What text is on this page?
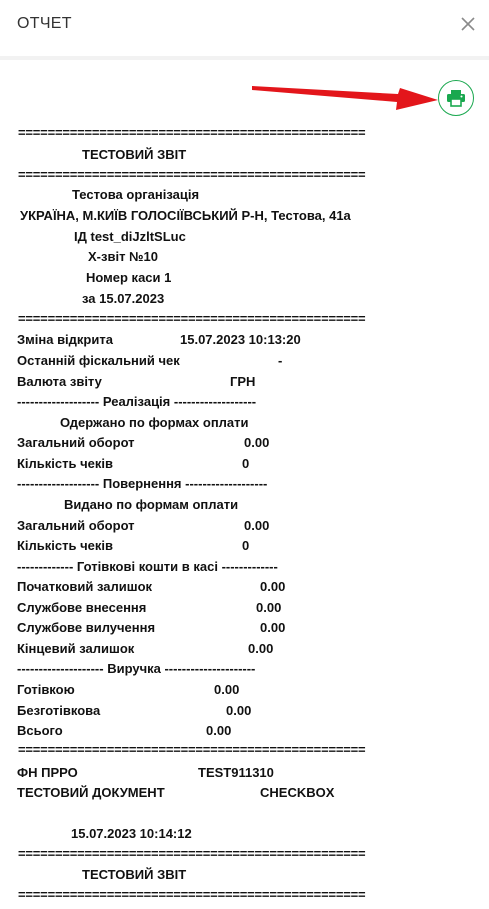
ОТЧЕТ
===============================================
ТЕСТОВИЙ ЗВІТ
===============================================
Тестова організація
УКРАЇНА, М.КИЇВ ГОЛОСІЇВСЬКИЙ Р-Н, Тестова, 41а
ІД test_diJzltSLuc
Х-звіт №10
Номер каси 1
за 15.07.2023
===============================================
Зміна відкрита	15.07.2023 10:13:20
Останній фіскальний чек	-
Валюта звіту	ГРН
------------------- Реалізація -------------------
Одержано по формах оплати
Загальний оборот	0.00
Кількість чеків	0
------------------- Повернення -------------------
Видано по формам оплати
Загальний оборот	0.00
Кількість чеків	0
------------- Готівкові кошти в касі -------------
Початковий залишок	0.00
Службове внесення	0.00
Службове вилучення	0.00
Кінцевий залишок	0.00
-------------------- Виручка ---------------------
Готівкою	0.00
Безготівкова	0.00
Всього	0.00
===============================================
ФН ПРРО	TEST911310
ТЕСТОВИЙ ДОКУМЕНТ	CHECKBOX
15.07.2023 10:14:12
===============================================
ТЕСТОВИЙ ЗВІТ
===============================================
